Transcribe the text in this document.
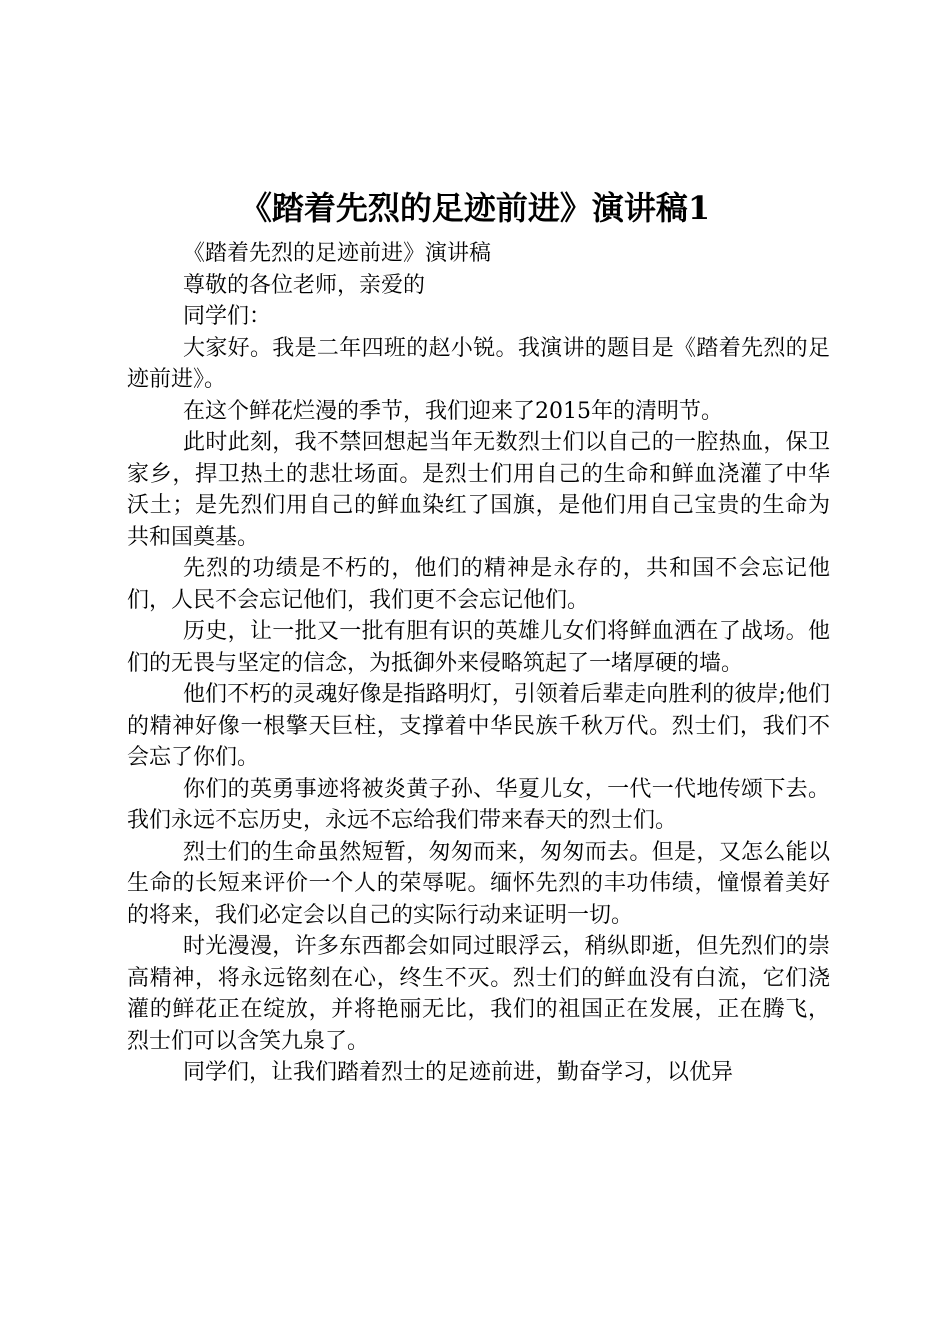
《踏着先烈的足迹前进》演讲稿1

《踏着先烈的足迹前进》演讲稿

尊敬的各位老师，亲爱的

同学们：

大家好。我是二年四班的赵小锐。我演讲的题目是《踏着先烈的足迹前进》。

在这个鲜花烂漫的季节，我们迎来了2015年的清明节。

此时此刻，我不禁回想起当年无数烈士们以自己的一腔热血，保卫家乡，捍卫热土的悲壮场面。是烈士们用自己的生命和鲜血浇灌了中华沃土；是先烈们用自己的鲜血染红了国旗，是他们用自己宝贵的生命为共和国奠基。

先烈的功绩是不朽的，他们的精神是永存的，共和国不会忘记他们，人民不会忘记他们，我们更不会忘记他们。

历史，让一批又一批有胆有识的英雄儿女们将鲜血洒在了战场。他们的无畏与坚定的信念，为抵御外来侵略筑起了一堵厚硬的墙。

他们不朽的灵魂好像是指路明灯，引领着后辈走向胜利的彼岸;他们的精神好像一根擎天巨柱，支撑着中华民族千秋万代。烈士们，我们不会忘了你们。

你们的英勇事迹将被炎黄子孙、华夏儿女，一代一代地传颂下去。我们永远不忘历史，永远不忘给我们带来春天的烈士们。

烈士们的生命虽然短暂，匆匆而来，匆匆而去。但是，又怎么能以生命的长短来评价一个人的荣辱呢。缅怀先烈的丰功伟绩，憧憬着美好的将来，我们必定会以自己的实际行动来证明一切。

时光漫漫，许多东西都会如同过眼浮云，稍纵即逝，但先烈们的崇高精神，将永远铭刻在心，终生不灭。烈士们的鲜血没有白流，它们浇灌的鲜花正在绽放，并将艳丽无比，我们的祖国正在发展，正在腾飞，烈士们可以含笑九泉了。

同学们，让我们踏着烈士的足迹前进，勤奋学习，以优异
